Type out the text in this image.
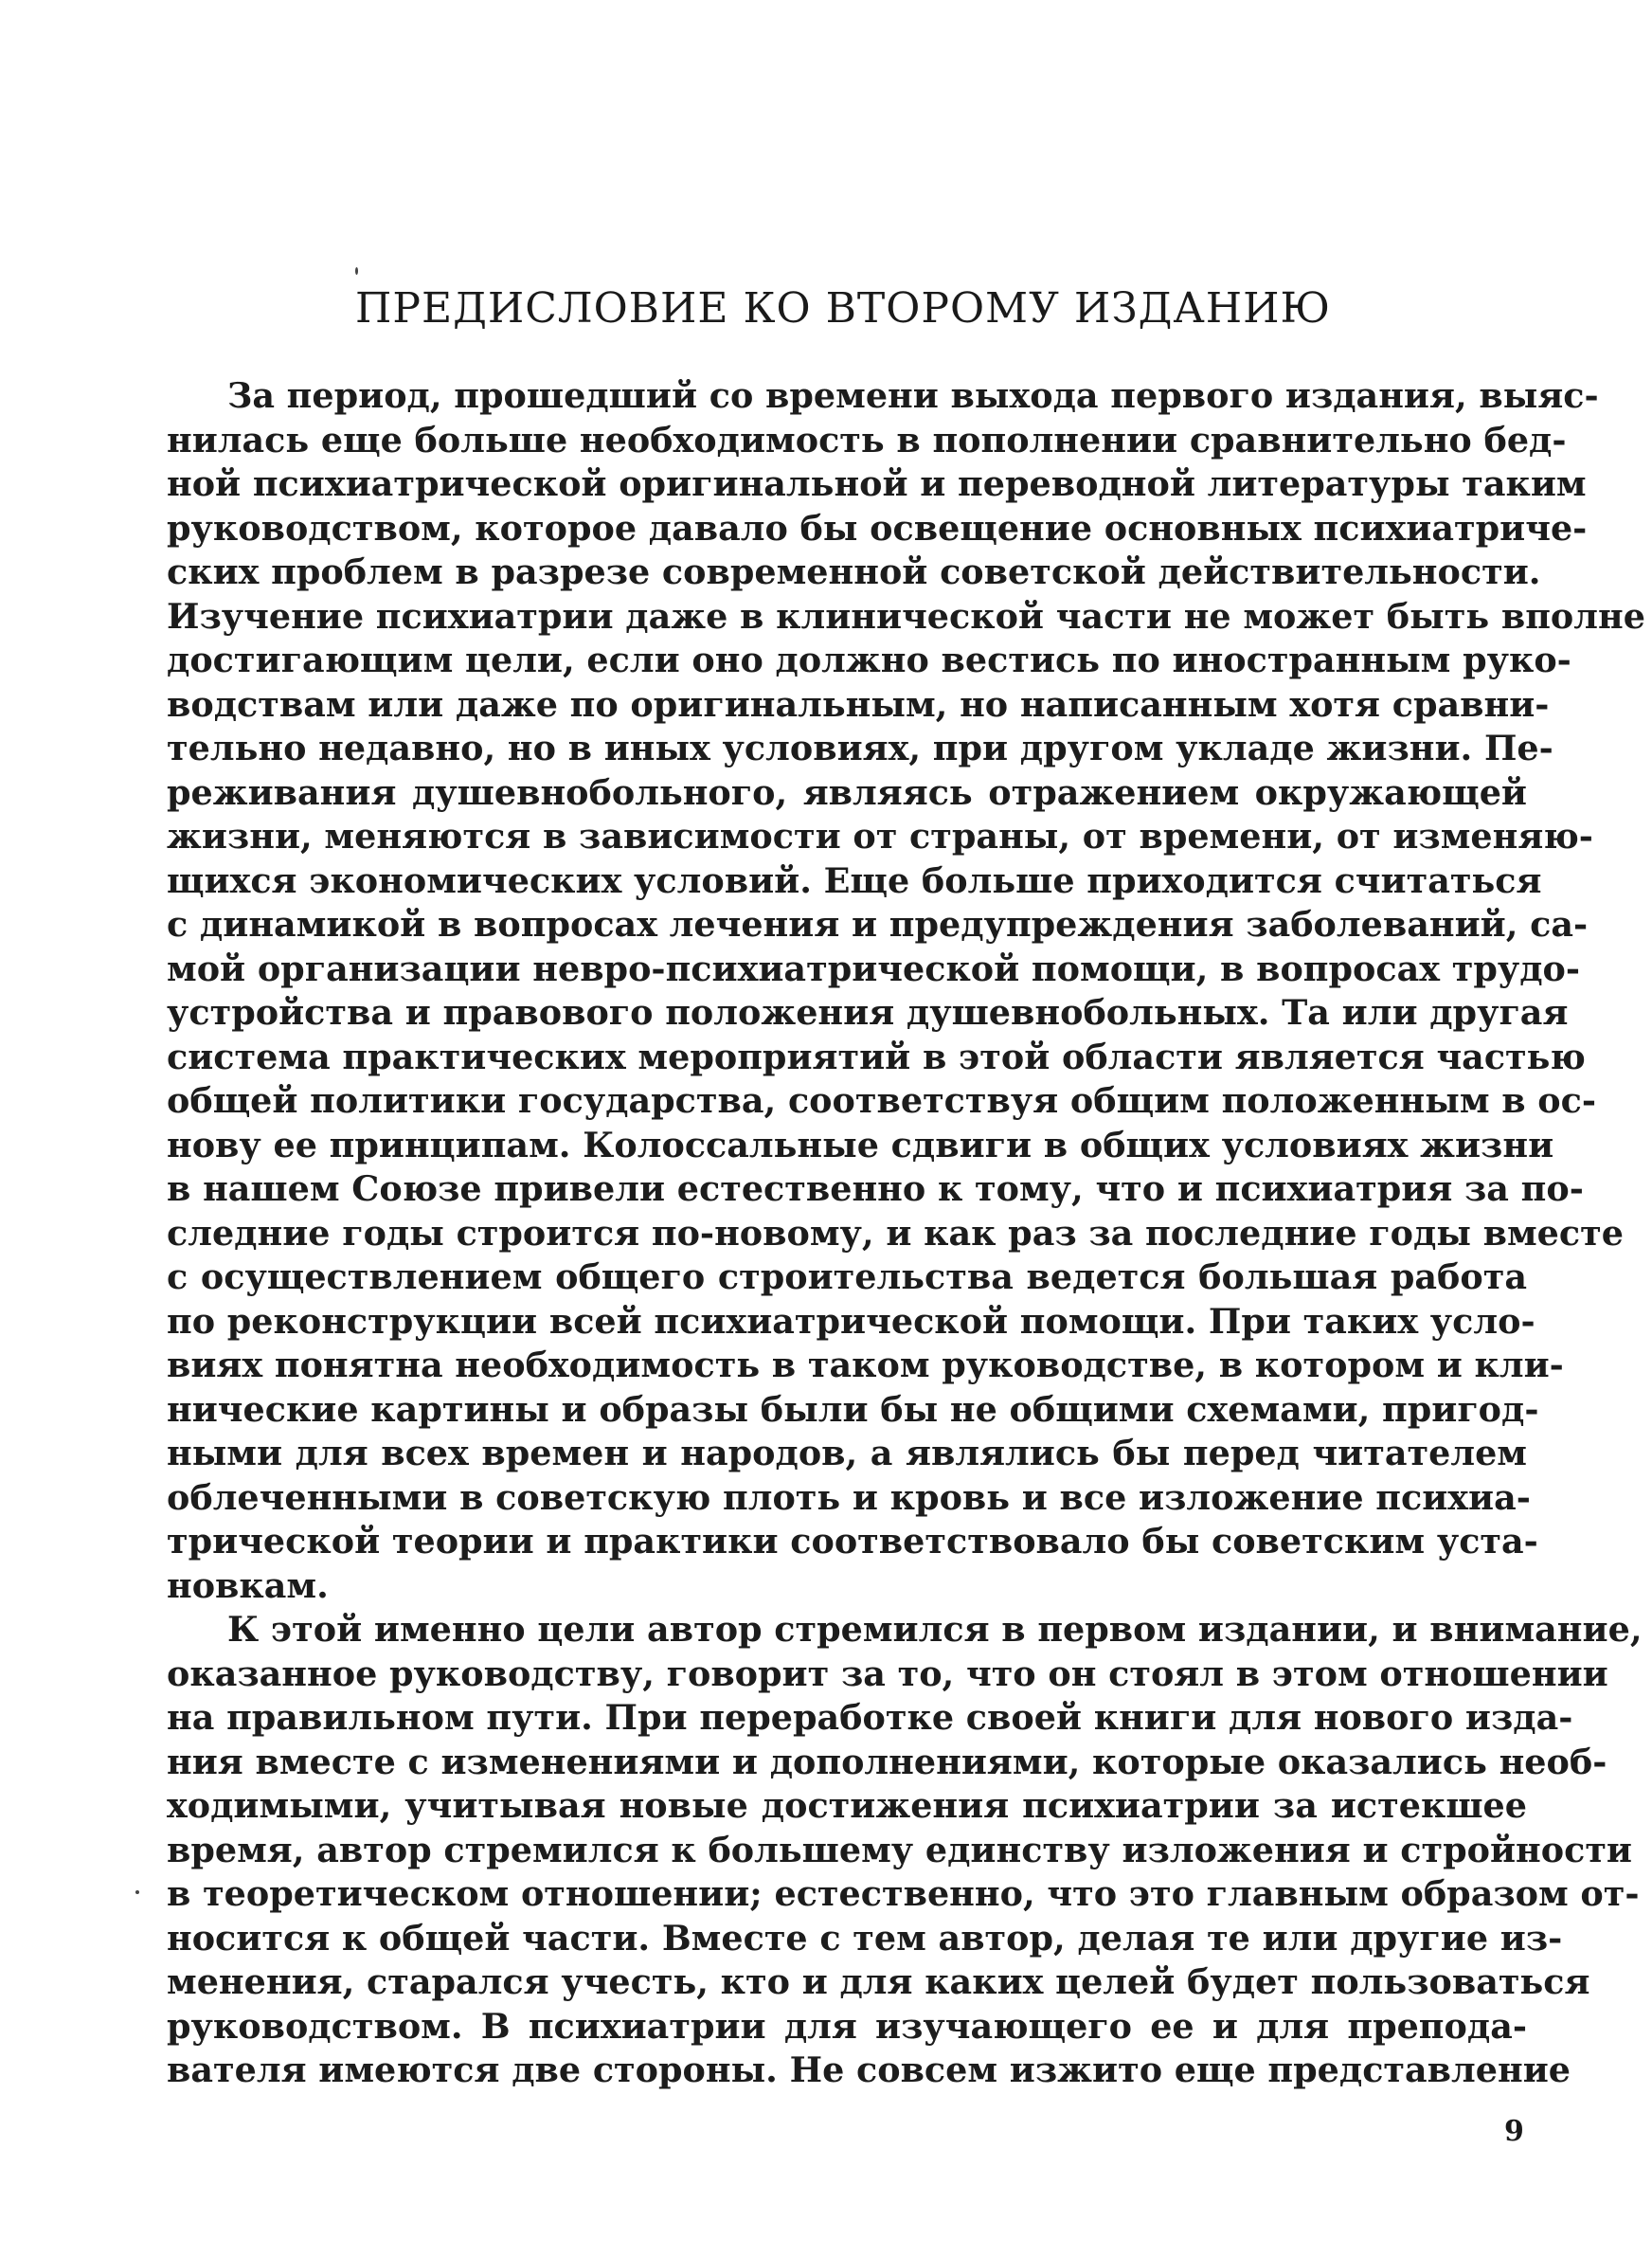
ПРЕДИСЛОВИЕ КО ВТОРОМУ ИЗДАНИЮ
За период, прошедший со времени выхода первого издания, выяс-
нилась еще больше необходимость в пополнении сравнительно бед-
ной психиатрической оригинальной и переводной литературы таким
руководством, которое давало бы освещение основных психиатриче-
ских проблем в разрезе современной советской действительности.
Изучение психиатрии даже в клинической части не может быть вполне
достигающим цели, если оно должно вестись по иностранным руко-
водствам или даже по оригинальным, но написанным хотя сравни-
тельно недавно, но в иных условиях, при другом укладе жизни. Пе-
реживания душевнобольного, являясь отражением окружающей
жизни, меняются в зависимости от страны, от времени, от изменяю-
щихся экономических условий. Еще больше приходится считаться
с динамикой в вопросах лечения и предупреждения заболеваний, са-
мой организации невро-психиатрической помощи, в вопросах трудо-
устройства и правового положения душевнобольных. Та или другая
система практических мероприятий в этой области является частью
общей политики государства, соответствуя общим положенным в ос-
нову ее принципам. Колоссальные сдвиги в общих условиях жизни
в нашем Союзе привели естественно к тому, что и психиатрия за по-
следние годы строится по-новому, и как раз за последние годы вместе
с осуществлением общего строительства ведется большая работа
по реконструкции всей психиатрической помощи. При таких усло-
виях понятна необходимость в таком руководстве, в котором и кли-
нические картины и образы были бы не общими схемами, пригод-
ными для всех времен и народов, а являлись бы перед читателем
облеченными в советскую плоть и кровь и все изложение психиа-
трической теории и практики соответствовало бы советским уста-
новкам.
К этой именно цели автор стремился в первом издании, и внимание,
оказанное руководству, говорит за то, что он стоял в этом отношении
на правильном пути. При переработке своей книги для нового изда-
ния вместе с изменениями и дополнениями, которые оказались необ-
ходимыми, учитывая новые достижения психиатрии за истекшее
время, автор стремился к большему единству изложения и стройности
в теоретическом отношении; естественно, что это главным образом от-
носится к общей части. Вместе с тем автор, делая те или другие из-
менения, старался учесть, кто и для каких целей будет пользоваться
руководством. В психиатрии для изучающего ее и для препода-
вателя имеются две стороны. Не совсем изжито еще представление
9
